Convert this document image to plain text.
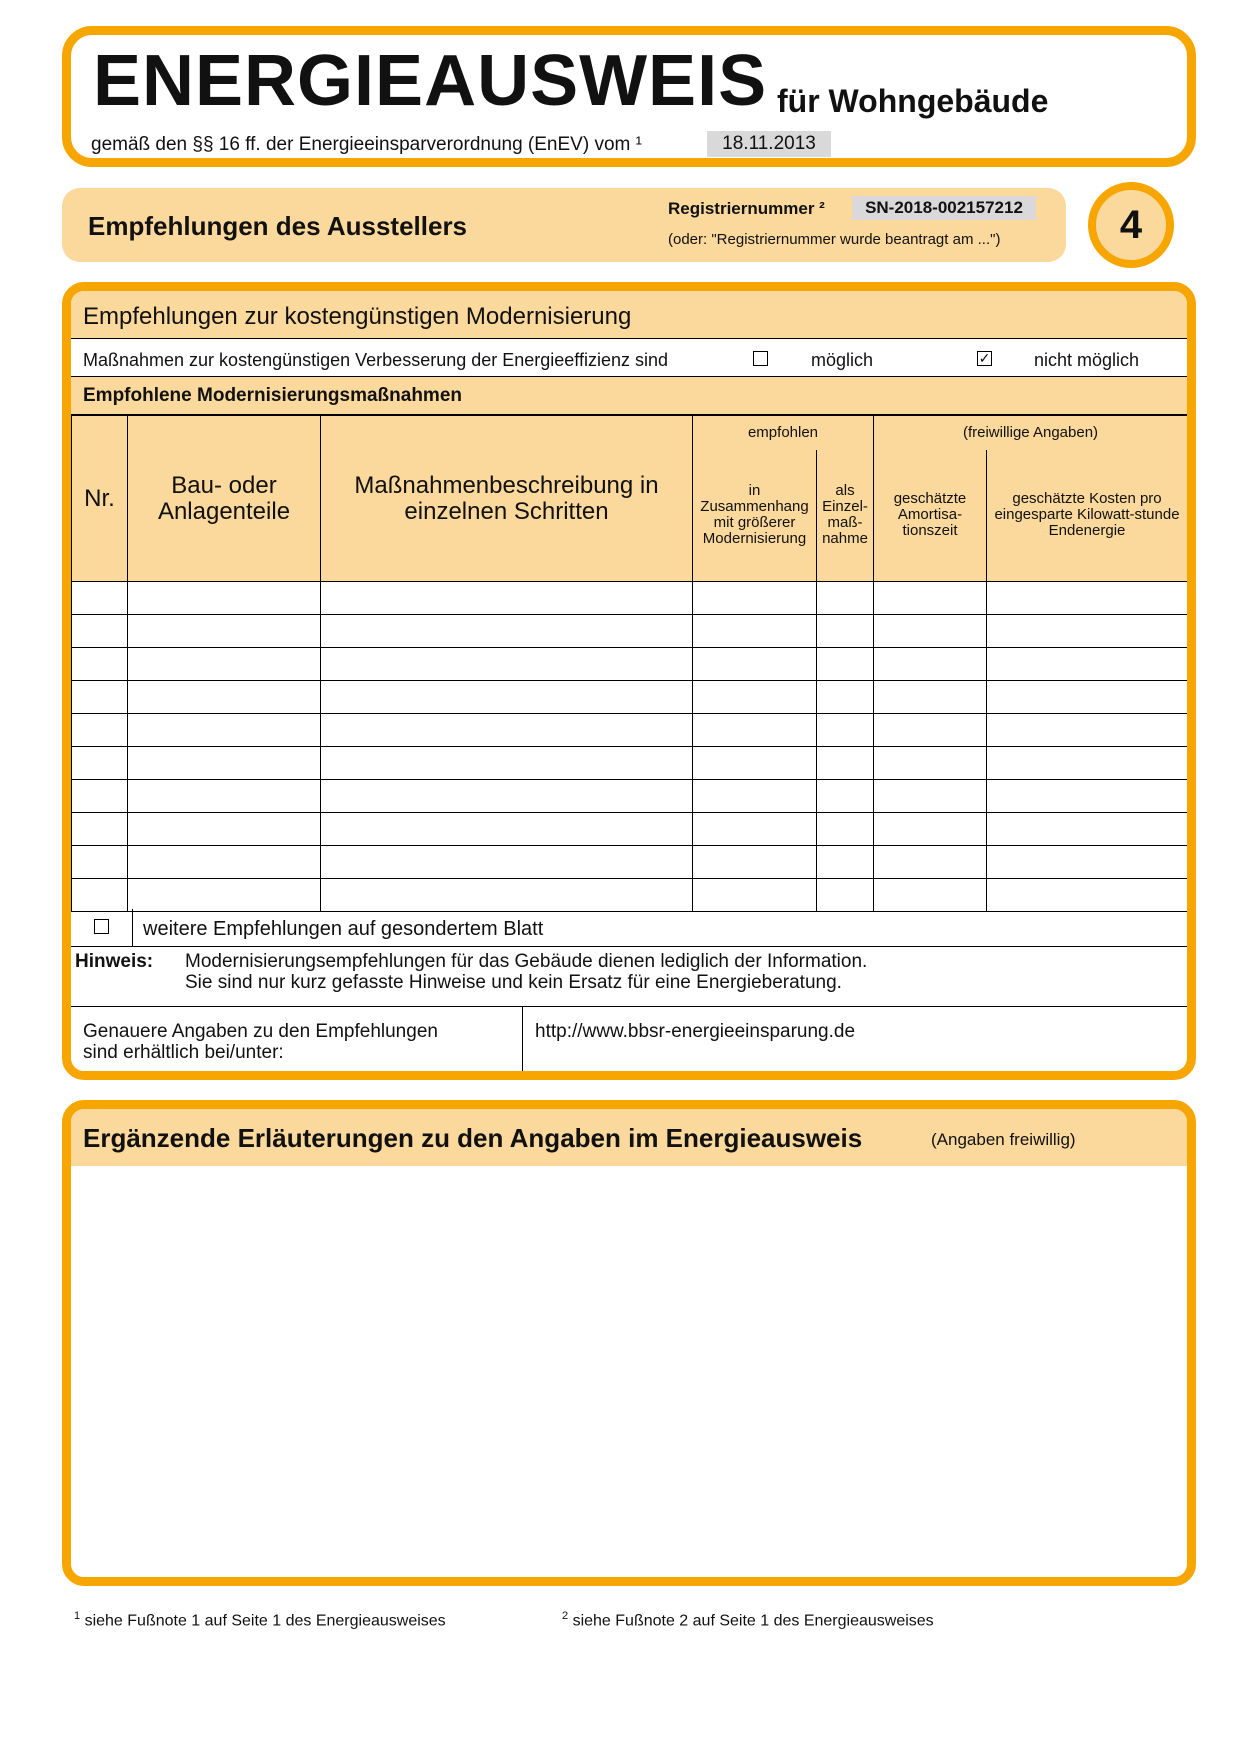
ENERGIEAUSWEIS für Wohngebäude
gemäß den §§ 16 ff. der Energieeinsparverordnung (EnEV) vom ¹	18.11.2013
Empfehlungen des Ausstellers
Registriernummer ²	SN-2018-002157212
(oder: "Registriernummer wurde beantragt am ...")	4
Empfehlungen zur kostengünstigen Modernisierung
Maßnahmen zur kostengünstigen Verbesserung der Energieeffizienz sind	möglich	✓ nicht möglich
Empfohlene Modernisierungsmaßnahmen
Nr.	Bau- oder Anlagenteile	Maßnahmenbeschreibung in einzelnen Schritten	empfohlen		(freiwillige Angaben)	
			in Zusammenhang mit größerer Modernisierung	als Einzel-maß-nahme	geschätzte Amortisa-tionszeit	geschätzte Kosten pro eingesparte Kilowatt-stunde Endenergie

weitere Empfehlungen auf gesondertem Blatt
Hinweis: Modernisierungsempfehlungen für das Gebäude dienen lediglich der Information.
Sie sind nur kurz gefasste Hinweise und kein Ersatz für eine Energieberatung.
Genauere Angaben zu den Empfehlungen
sind erhältlich bei/unter:
http://www.bbsr-energieeinsparung.de
Ergänzende Erläuterungen zu den Angaben im Energieausweis	(Angaben freiwillig)
$^1$ siehe Fußnote 1 auf Seite 1 des Energieausweises	$^2$ siehe Fußnote 2 auf Seite 1 des Energieausweises
